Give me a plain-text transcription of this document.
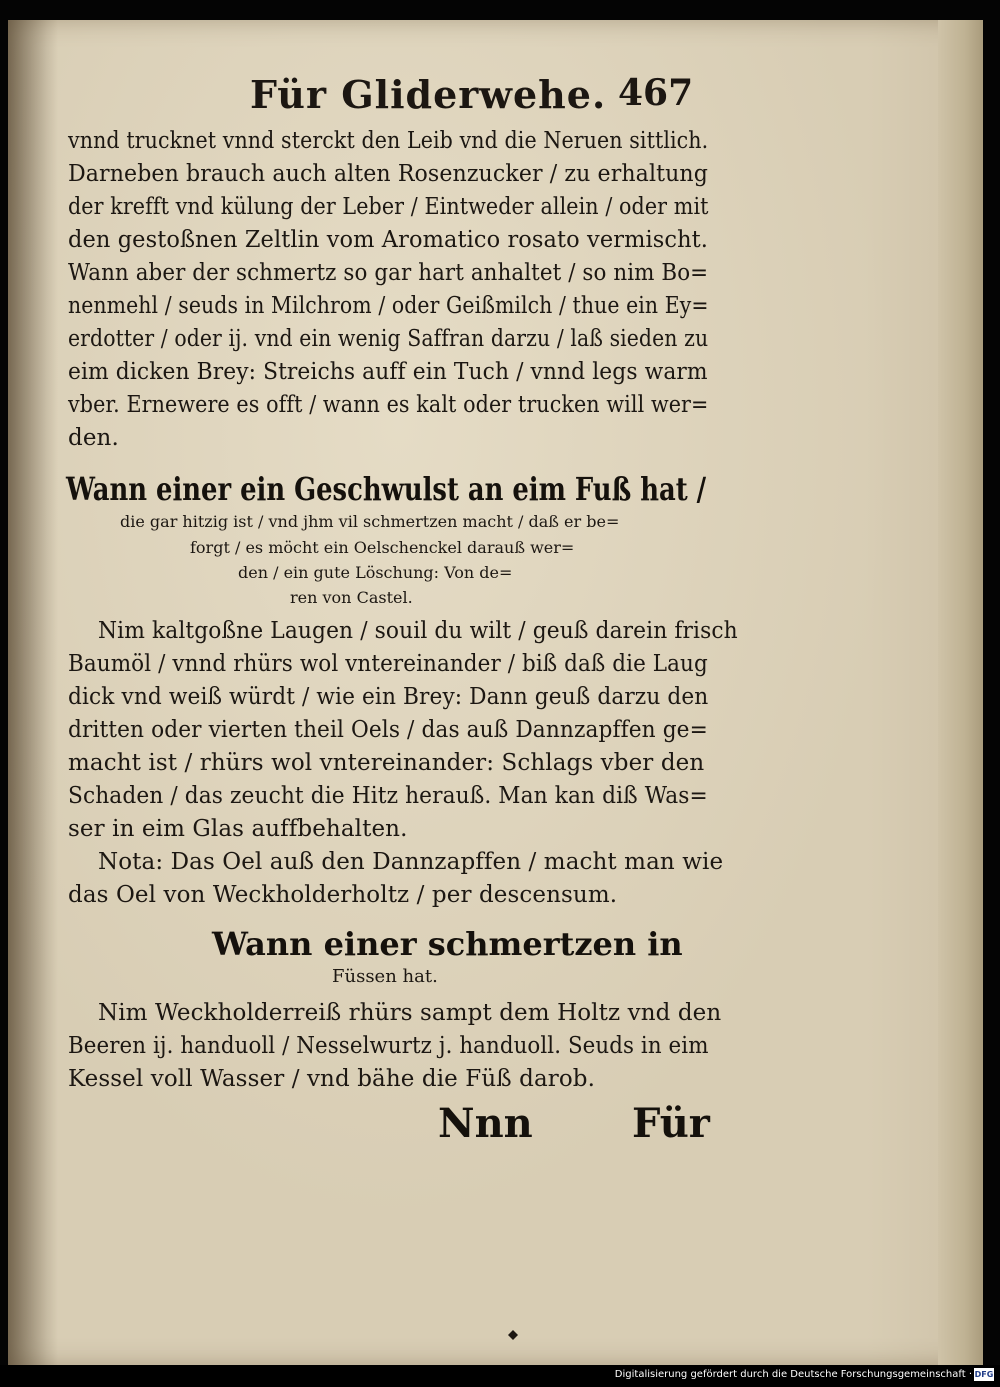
Für Gliderwehe. 467
vnnd trucknet vnnd sterckt den Leib vnd die Neruen sittlich.
Darneben brauch auch alten Rosenzucker / zu erhaltung
der krefft vnd külung der Leber / Eintweder allein / oder mit
den gestoßnen Zeltlin vom Aromatico rosato vermischt.
Wann aber der schmertz so gar hart anhaltet / so nim Bo=
nenmehl / seuds in Milchrom / oder Geißmilch / thue ein Ey=
erdotter / oder ij. vnd ein wenig Saffran darzu / laß sieden zu
eim dicken Brey: Streichs auff ein Tuch / vnnd legs warm
vber. Ernewere es offt / wann es kalt oder trucken will wer=
den.
Wann einer ein Geschwulst an eim Fuß hat /
die gar hitzig ist / vnd jhm vil schmertzen macht / daß er be=
forgt / es möcht ein Oelschenckel darauß wer=
den / ein gute Löschung: Von de=
ren von Castel.
Nim kaltgoßne Laugen / souil du wilt / geuß darein frisch
Baumöl / vnnd rhürs wol vntereinander / biß daß die Laug
dick vnd weiß würdt / wie ein Brey: Dann geuß darzu den
dritten oder vierten theil Oels / das auß Dannzapffen ge=
macht ist / rhürs wol vntereinander: Schlags vber den
Schaden / das zeucht die Hitz herauß. Man kan diß Was=
ser in eim Glas auffbehalten.
Nota: Das Oel auß den Dannzapffen / macht man wie
das Oel von Weckholderholtz / per descensum.
Wann einer schmertzen in
Füssen hat.
Nim Weckholderreiß rhürs sampt dem Holtz vnd den
Beeren ij. handuoll / Nesselwurtz j. handuoll. Seuds in eim
Kessel voll Wasser / vnd bähe die Füß darob.
Nnn Für
Digitalisierung gefördert durch die Deutsche Forschungsgemeinschaft · DFG
